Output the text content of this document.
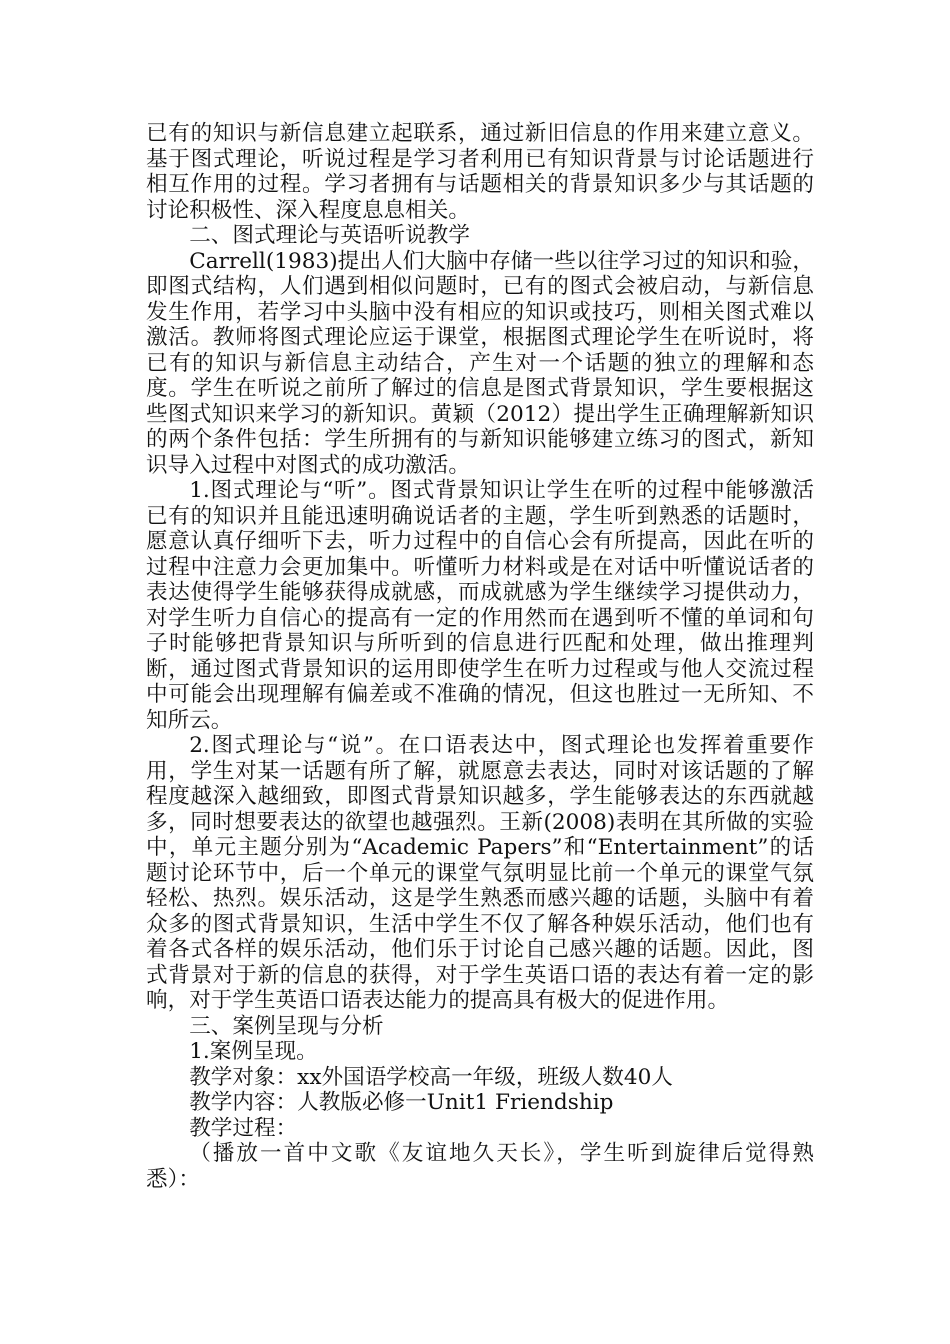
已有的知识与新信息建立起联系，通过新旧信息的作用来建立意义。基于图式理论，听说过程是学习者利用已有知识背景与讨论话题进行相互作用的过程。学习者拥有与话题相关的背景知识多少与其话题的讨论积极性、深入程度息息相关。

二、图式理论与英语听说教学

Carrell(1983)提出人们大脑中存储一些以往学习过的知识和验，即图式结构，人们遇到相似问题时，已有的图式会被启动，与新信息发生作用，若学习中头脑中没有相应的知识或技巧，则相关图式难以激活。教师将图式理论应运于课堂，根据图式理论学生在听说时，将已有的知识与新信息主动结合，产生对一个话题的独立的理解和态度。学生在听说之前所了解过的信息是图式背景知识，学生要根据这些图式知识来学习的新知识。黄颖（2012）提出学生正确理解新知识的两个条件包括：学生所拥有的与新知识能够建立练习的图式，新知识导入过程中对图式的成功激活。

1.图式理论与“听”。图式背景知识让学生在听的过程中能够激活已有的知识并且能迅速明确说话者的主题，学生听到熟悉的话题时，愿意认真仔细听下去，听力过程中的自信心会有所提高，因此在听的过程中注意力会更加集中。听懂听力材料或是在对话中听懂说话者的表达使得学生能够获得成就感，而成就感为学生继续学习提供动力，对学生听力自信心的提高有一定的作用然而在遇到听不懂的单词和句子时能够把背景知识与所听到的信息进行匹配和处理，做出推理判断，通过图式背景知识的运用即使学生在听力过程或与他人交流过程中可能会出现理解有偏差或不准确的情况，但这也胜过一无所知、不知所云。

2.图式理论与“说”。在口语表达中，图式理论也发挥着重要作用，学生对某一话题有所了解，就愿意去表达，同时对该话题的了解程度越深入越细致，即图式背景知识越多，学生能够表达的东西就越多，同时想要表达的欲望也越强烈。王新(2008)表明在其所做的实验中，单元主题分别为“Academic Papers”和“Entertainment”的话题讨论环节中，后一个单元的课堂气氛明显比前一个单元的课堂气氛轻松、热烈。娱乐活动，这是学生熟悉而感兴趣的话题，头脑中有着众多的图式背景知识，生活中学生不仅了解各种娱乐活动，他们也有着各式各样的娱乐活动，他们乐于讨论自己感兴趣的话题。因此，图式背景对于新的信息的获得，对于学生英语口语的表达有着一定的影响，对于学生英语口语表达能力的提高具有极大的促进作用。

三、案例呈现与分析

1.案例呈现。

教学对象：xx外国语学校高一年级，班级人数40人

教学内容：人教版必修一Unit1 Friendship

教学过程：

（播放一首中文歌《友谊地久天长》，学生听到旋律后觉得熟悉）：
